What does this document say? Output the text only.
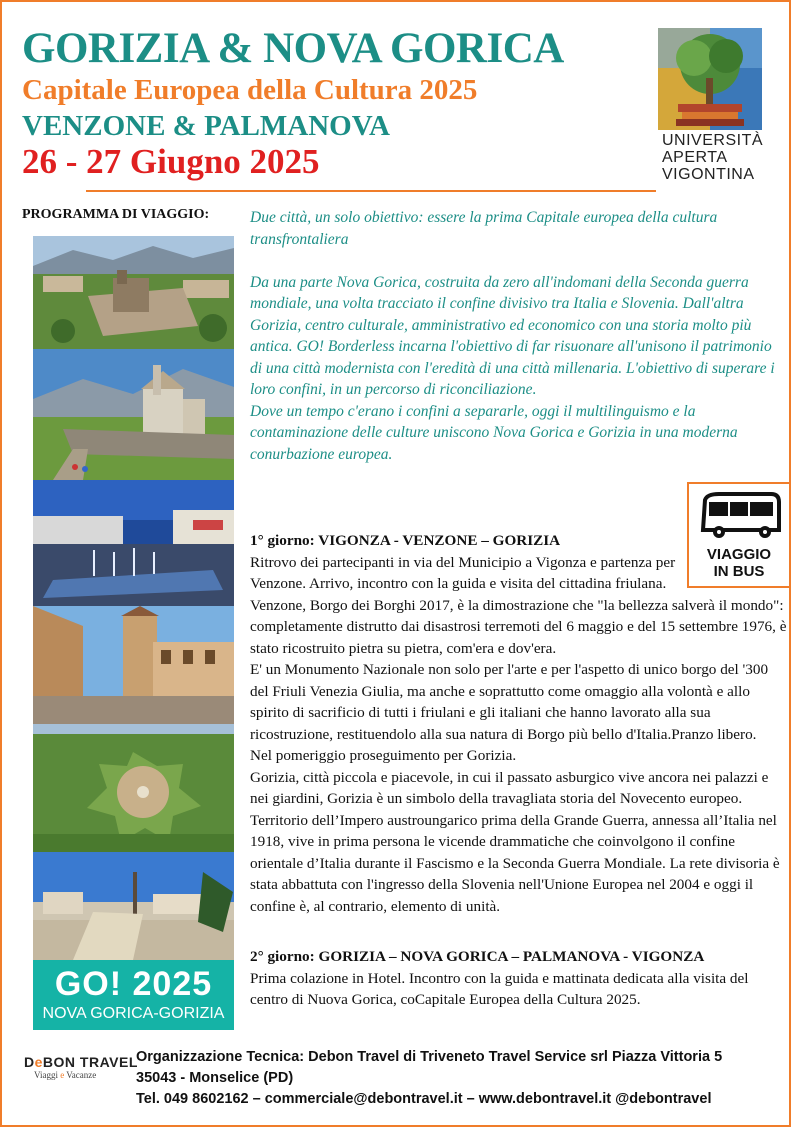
GORIZIA & NOVA GORICA
Capitale Europea della Cultura 2025
VENZONE & PALMANOVA
26 - 27 Giugno 2025
UNIVERSITÀ
APERTA
VIGONTINA
PROGRAMMA DI VIAGGIO:
GO! 2025
NOVA GORICA-GORIZIA

Due città, un solo obiettivo: essere la prima Capitale europea della cultura transfrontaliera

Da una parte Nova Gorica, costruita da zero all'indomani della Seconda guerra mondiale, una volta tracciato il confine divisivo tra Italia e Slovenia. Dall'altra Gorizia, centro culturale, amministrativo ed economico con una storia molto più antica. GO! Borderless incarna l'obiettivo di far risuonare all'unisono il patrimonio di una città modernista con l'eredità di una città millenaria. L'obiettivo di superare i loro confini, in un percorso di riconciliazione.

Dove un tempo c'erano i confini a separarle, oggi il multilinguismo e la contaminazione delle culture uniscono Nova Gorica e Gorizia in una moderna conurbazione europea.

VIAGGIO
IN BUS
1° giorno: VIGONZA - VENZONE – GORIZIA

Ritrovo dei partecipanti in via del Municipio a Vigonza e partenza per Venzone. Arrivo, incontro con la guida e visita del cittadina friulana.

Venzone, Borgo dei Borghi 2017, è la dimostrazione che "la bellezza salverà il mondo": completamente distrutto dai disastrosi terremoti del 6 maggio e del 15 settembre 1976, è stato ricostruito pietra su pietra, com'era e dov'era.

E' un Monumento Nazionale non solo per l'arte e per l'aspetto di unico borgo del '300 del Friuli Venezia Giulia, ma anche e soprattutto come omaggio alla volontà e allo spirito di sacrificio di tutti i friulani e gli italiani che hanno lavorato alla sua ricostruzione, restituendolo alla sua natura di Borgo più bello d'Italia.Pranzo libero.

Nel pomeriggio proseguimento per Gorizia.

Gorizia, città piccola e piacevole, in cui il passato asburgico vive ancora nei palazzi e nei giardini, Gorizia è un simbolo della travagliata storia del Novecento europeo. Territorio dell’Impero austroungarico prima della Grande Guerra, annessa all’Italia nel 1918, vive in prima persona le vicende drammatiche che coinvolgono il confine orientale d’Italia durante il Fascismo e la Seconda Guerra Mondiale. La rete divisoria è stata abbattuta con l'ingresso della Slovenia nell'Unione Europea nel 2004 e oggi il confine è, al contrario, elemento di unità.

2° giorno: GORIZIA – NOVA GORICA – PALMANOVA - VIGONZA

Prima colazione in Hotel. Incontro con la guida e mattinata dedicata alla visita del centro di Nuova Gorica, coCapitale Europea della Cultura 2025.

DeBON TRAVEL
Viaggi e Vacanze
Organizzazione Tecnica: Debon Travel di Triveneto Travel Service srl Piazza Vittoria 5
35043 - Monselice (PD)
Tel. 049 8602162 – commerciale@debontravel.it – www.debontravel.it @debontravel
